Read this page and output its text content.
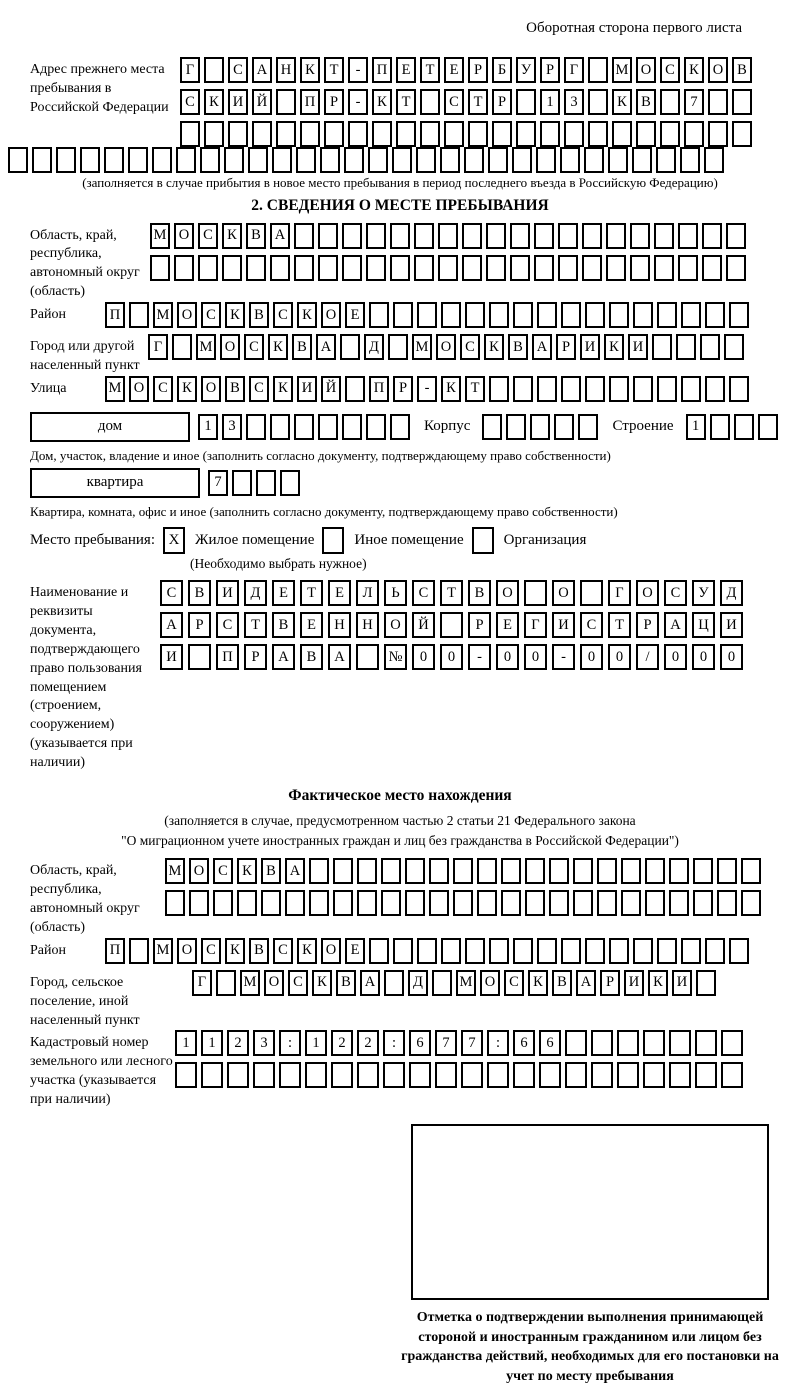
Оборотная сторона первого листа
Адрес прежнего места пребывания в Российской Федерации
Г	С А Н К	Т	-	П Е	Т	Е	Р	Б	У	Р	Г	М О С К О В
С К И Й	П	Р	-	К	Т	С	Т	Р	1	3	К В	7
(заполняется в случае прибытия в новое место пребывания в период последнего въезда в Российскую Федерацию)
2. СВЕДЕНИЯ О МЕСТЕ ПРЕБЫВАНИЯ
Область, край, республика, автономный округ (область)
М О С К В А
Район	П	М О С К В С К О Е
Город или другой населенный пункт
Г	М О С К В А	Д	М О С К В А	Р	И К И
Улица	М О С К О В С К И Й	П	Р	-	К	Т
дом	1	3	Корпус	Строение	1
Дом, участок, владение и иное (заполнить согласно документу, подтверждающему право собственности)
квартира	7
Квартира, комната, офис и иное (заполнить согласно документу, подтверждающему право собственности)
Место пребывания: X	Жилое помещение	Иное помещение	Организация
(Необходимо выбрать нужное)
Наименование и реквизиты документа, подтверждающего право пользования помещением (строением, сооружением) (указывается при наличии)
С	В	И	Д	Е	Т	Е	Л	Ь	С	Т	В	О	О	Г	О	С	У	Д
А	Р	С	Т	В	Е	Н	Н	О	Й	Р	Е	Г	И	С	Т	Р	А	Ц	И
И	П	Р	А	В	А	№	0	0	-	0	0	-	0	0	/	0	0	0
Фактическое место нахождения
(заполняется в случае, предусмотренном частью 2 статьи 21 Федерального закона
"О миграционном учете иностранных граждан и лиц без гражданства в Российской Федерации")
Область, край, республика, автономный округ (область)
М О С К В А
Район	П	М О С К В С К О Е
Город, сельское поселение, иной населенный пункт
Г	М О С К В А	Д	М О С К В А	Р	И К И
Кадастровый номер земельного или лесного участка (указывается при наличии)
1	1	2	3	:	1	2	2	:	6	7	7	:	6	6
Отметка о подтверждении выполнения принимающей стороной и иностранным гражданином или лицом без гражданства действий, необходимых для его постановки на учет по месту пребывания
